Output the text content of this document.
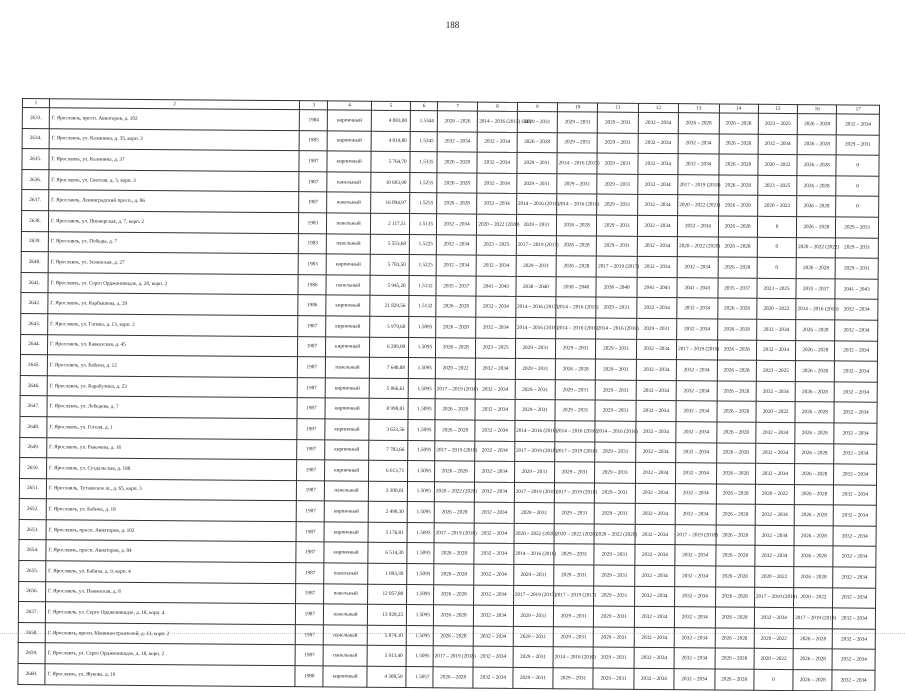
188
1	2	3	4	5	6	7	8	9	10	11	12	13	14	15	16	17
2633.	Г. Ярославль, просп. Авиаторов, д. 102	1984	кирпичный	4 083,00	1.5344	2026 – 2026	2014 – 2016 (2015) (ВР)	2029 – 2031	2029 – 2031	2029 – 2031	2032 – 2034	2026 – 2028	2026 – 2028	2023 – 2025	2026 – 2028	2032 – 2034
2634.	Г. Ярославль, ул. Калинина, д. 35, корп. 3	1985	кирпичный	4 019,80	1.5345	2032 – 2034	2032 – 2034	2026 – 2028	2029 – 2031	2029 – 2031	2032 – 2034	2032 – 2034	2026 – 2028	2032 – 2034	2026 – 2028	2029 – 2031
2635.	Г. Ярославль, ул. Калинина, д. 37	1987	кирпичный	5 764,70	1.5335	2026 – 2028	2032 – 2034	2029 – 2031	2014 – 2016 (2015)	2029 – 2031	2032 – 2034	2032 – 2034	2026 – 2028	2020 – 2022	2026 – 2028	0
2636.	Г. Ярославль, ул. Светлая, д. 3, корп. 3	1987	панельный	10 603,90	1.5255	2026 – 2028	2032 – 2034	2029 – 2031	2029 – 2031	2029 – 2031	2032 – 2034	2017 – 2019 (2018)	2026 – 2028	2023 – 2025	2026 – 2028	0
2637.	Г. Ярославль, Ленинградский просп., д. 86	1987	панельный	16 094,97	1.5255	2026 – 2028	2032 – 2034	2014 – 2016 (2016)	2014 – 2016 (2016)	2029 – 2031	2032 – 2034	2020 – 2022 (2021)	2026 – 2028	2020 – 2022	2026 – 2028	0
2638.	Г. Ярославль, ул. Пионерская, д. 7, корп. 2	1983	панельный	2 117,51	1.5135	2032 – 2034	2020 – 2022 (2020)	2029 – 2031	2026 – 2028	2029 – 2031	2032 – 2034	2032 – 2034	2026 – 2028	0	2026 – 2028	2029 – 2031
2639.	Г. Ярославль, ул. Победы, д. 7	1983	панельный	5 553,68	1.5225	2032 – 2034	2023 – 2025	2017 – 2019 (2017)	2026 – 2028	2029 – 2031	2032 – 2034	2020 – 2022 (2020)	2026 – 2028	0	2020 – 2022 (2022)	2029 – 2031
2640.	Г. Ярославль, ул. Зелинская, д. 27	1983	кирпичный	5 783,50	1.5225	2032 – 2034	2032 – 2034	2029 – 2031	2026 – 2028	2017 – 2019 (2017)	2032 – 2034	2032 – 2034	2026 – 2028	0	2026 – 2028	2029 – 2031
2641.	Г. Ярославль, ул. Серго Орджоникидзе, д. 20, корп. 2	1986	панельный	5 945,20	1.5132	2035 – 2037	2041 – 2043	2038 – 2040	2038 – 2040	2038 – 2040	2041 – 2043	2041 – 2043	2035 – 2037	2023 – 2025	2035 – 2037	2041 – 2043
2642.	Г. Ярославль, ул. Карбышева, д. 29	1986	кирпичный	21 829,56	1.5132	2026 – 2028	2032 – 2034	2014 – 2016 (2015)	2014 – 2016 (2015)	2029 – 2031	2032 – 2034	2032 – 2034	2026 – 2028	2020 – 2022	2014 – 2016 (2016)	2032 – 2034
2643.	Г. Ярославль, ул. Гагина, д. 13, корп. 2	1987	кирпичный	5 979,60	1.5095	2026 – 2028	2032 – 2034	2014 – 2016 (2016)	2014 – 2016 (2016)	2014 – 2016 (2016)	2029 – 2031	2032 – 2034	2026 – 2028	2032 – 2034	2026 – 2028	2032 – 2034
2644.	Г. Ярославль, ул. Кавказская, д. 45	1987	кирпичный	6 289,00	1.5095	2026 – 2028	2023 – 2025	2029 – 2031	2029 – 2031	2029 – 2031	2032 – 2034	2017 – 2019 (2019)	2026 – 2028	2032 – 2034	2026 – 2028	2032 – 2034
2645.	Г. Ярославль, ул. Бабича, д. 12	1987	панельный	7 648,88	1.5095	2020 – 2022	2032 – 2034	2029 – 2031	2026 – 2028	2029 – 2031	2032 – 2034	2032 – 2034	2026 – 2028	2023 – 2025	2026 – 2028	2032 – 2034
2646.	Г. Ярославль, ул. Карабулина, д. 23	1987	кирпичный	5 066,61	1.5095	2017 – 2019 (2018)	2032 – 2034	2029 – 2031	2029 – 2031	2029 – 2031	2032 – 2034	2032 – 2034	2026 – 2028	2032 – 2034	2026 – 2028	2032 – 2034
2647.	Г. Ярославль, ул. Лебедева, д. 7	1987	кирпичный	8 998,81	1.5095	2026 – 2028	2032 – 2034	2029 – 2031	2029 – 2031	2029 – 2031	2032 – 2034	2032 – 2034	2026 – 2028	2020 – 2022	2026 – 2028	2032 – 2034
2648.	Г. Ярославль, ул. Гоголя, д. 1	1987	кирпичный	3 653,56	1.5095	2026 – 2028	2032 – 2034	2014 – 2016 (2016)	2014 – 2016 (2016)	2014 – 2016 (2016)	2032 – 2034	2032 – 2034	2026 – 2028	2032 – 2034	2026 – 2028	2032 – 2034
2649.	Г. Ярославль, ул. Рыкачева, д. 16	1987	кирпичный	7 783,66	1.5095	2017 – 2019 (2018)	2032 – 2034	2017 – 2019 (2018)	2017 – 2019 (2018)	2029 – 2031	2032 – 2034	2032 – 2034	2026 – 2028	2032 – 2034	2026 – 2028	2032 – 2034
2650.	Г. Ярославль, ул. Суздальская, д. 188	1987	кирпичный	6 613,71	1.5095	2026 – 2028	2032 – 2034	2029 – 2031	2029 – 2031	2029 – 2031	2032 – 2034	2032 – 2034	2026 – 2028	2032 – 2034	2026 – 2028	2032 – 2034
2651.	Г. Ярославль, Тутаевское ш., д. 65, корп. 3	1987	панельный	3 300,01	1.5095	2020 – 2022 (2020)	2032 – 2034	2017 – 2019 (2018)	2017 – 2019 (2018)	2029 – 2031	2032 – 2034	2032 – 2034	2026 – 2028	2020 – 2022	2026 – 2028	2032 – 2034
2652.	Г. Ярославль, ул. Бабича, д. 18	1987	кирпичный	2 490,30	1.5095	2026 – 2028	2032 – 2034	2029 – 2031	2029 – 2031	2029 – 2031	2032 – 2034	2032 – 2034	2026 – 2028	2032 – 2034	2026 – 2028	2032 – 2034
2653.	Г. Ярославль, просп. Авиаторов, д. 102	1987	кирпичный	5 176,81	1.5095	2017 – 2019 (2018)	2032 – 2034	2020 – 2022 (2020)	2020 – 2022 (2020)	2020 – 2022 (2020)	2032 – 2034	2017 – 2019 (2018)	2026 – 2028	2032 – 2034	2026 – 2028	2032 – 2034
2654.	Г. Ярославль, просп. Авиаторов, д. 84	1987	кирпичный	6 514,30	1.5095	2026 – 2028	2032 – 2034	2014 – 2016 (2016)	2029 – 2031	2029 – 2031	2032 – 2034	2032 – 2034	2026 – 2028	2032 – 2034	2026 – 2028	2032 – 2034
2655.	Г. Ярославль, ул. Бабича, д. 9, корп. 4	1987	панельный	1 893,30	1.5095	2026 – 2028	2032 – 2034	2029 – 2031	2029 – 2031	2029 – 2031	2032 – 2034	2032 – 2034	2026 – 2028	2020 – 2022	2026 – 2028	2032 – 2034
2656.	Г. Ярославль, ул. Панинская, д. 8	1987	панельный	12 057,80	1.5095	2026 – 2028	2032 – 2034	2017 – 2019 (2017)	2017 – 2019 (2017)	2029 – 2031	2032 – 2034	2032 – 2034	2026 – 2028	2017 – 2019 (2019)	2020 – 2022	2032 – 2034
2657.	Г. Ярославль, ул. Серго Орджоникидзе, д. 18, корп. 4	1987	панельный	13 928,25	1.5095	2026 – 2028	2032 – 2034	2029 – 2031	2029 – 2031	2029 – 2031	2032 – 2034	2032 – 2034	2026 – 2028	2032 – 2034	2017 – 2019 (2018)	2032 – 2034
2658.	Г. Ярославль, просп. Машиностроителей, д. 13, корп. 2	1987	панельный	5 874,10	1.5095	2026 – 2028	2032 – 2034	2029 – 2031	2029 – 2031	2029 – 2031	2032 – 2034	2032 – 2034	2026 – 2028	2020 – 2022	2026 – 2028	2032 – 2034
2659.	Г. Ярославль, ул. Серго Орджоникидзе, д. 18, корп. 2	1987	панельный	5 913,40	1.5095	2017 – 2019 (2018)	2032 – 2034	2029 – 2031	2014 – 2016 (2016)	2029 – 2031	2032 – 2034	2032 – 2034	2026 – 2028	2020 – 2022	2026 – 2028	2032 – 2034
2660.	Г. Ярославль, ул. Жукова, д. 16	1988	кирпичный	4 308,50	1.5057	2026 – 2028	2032 – 2034	2029 – 2031	2029 – 2031	2029 – 2031	2032 – 2034	2032 – 2034	2026 – 2028	0	2026 – 2028	2032 – 2034
